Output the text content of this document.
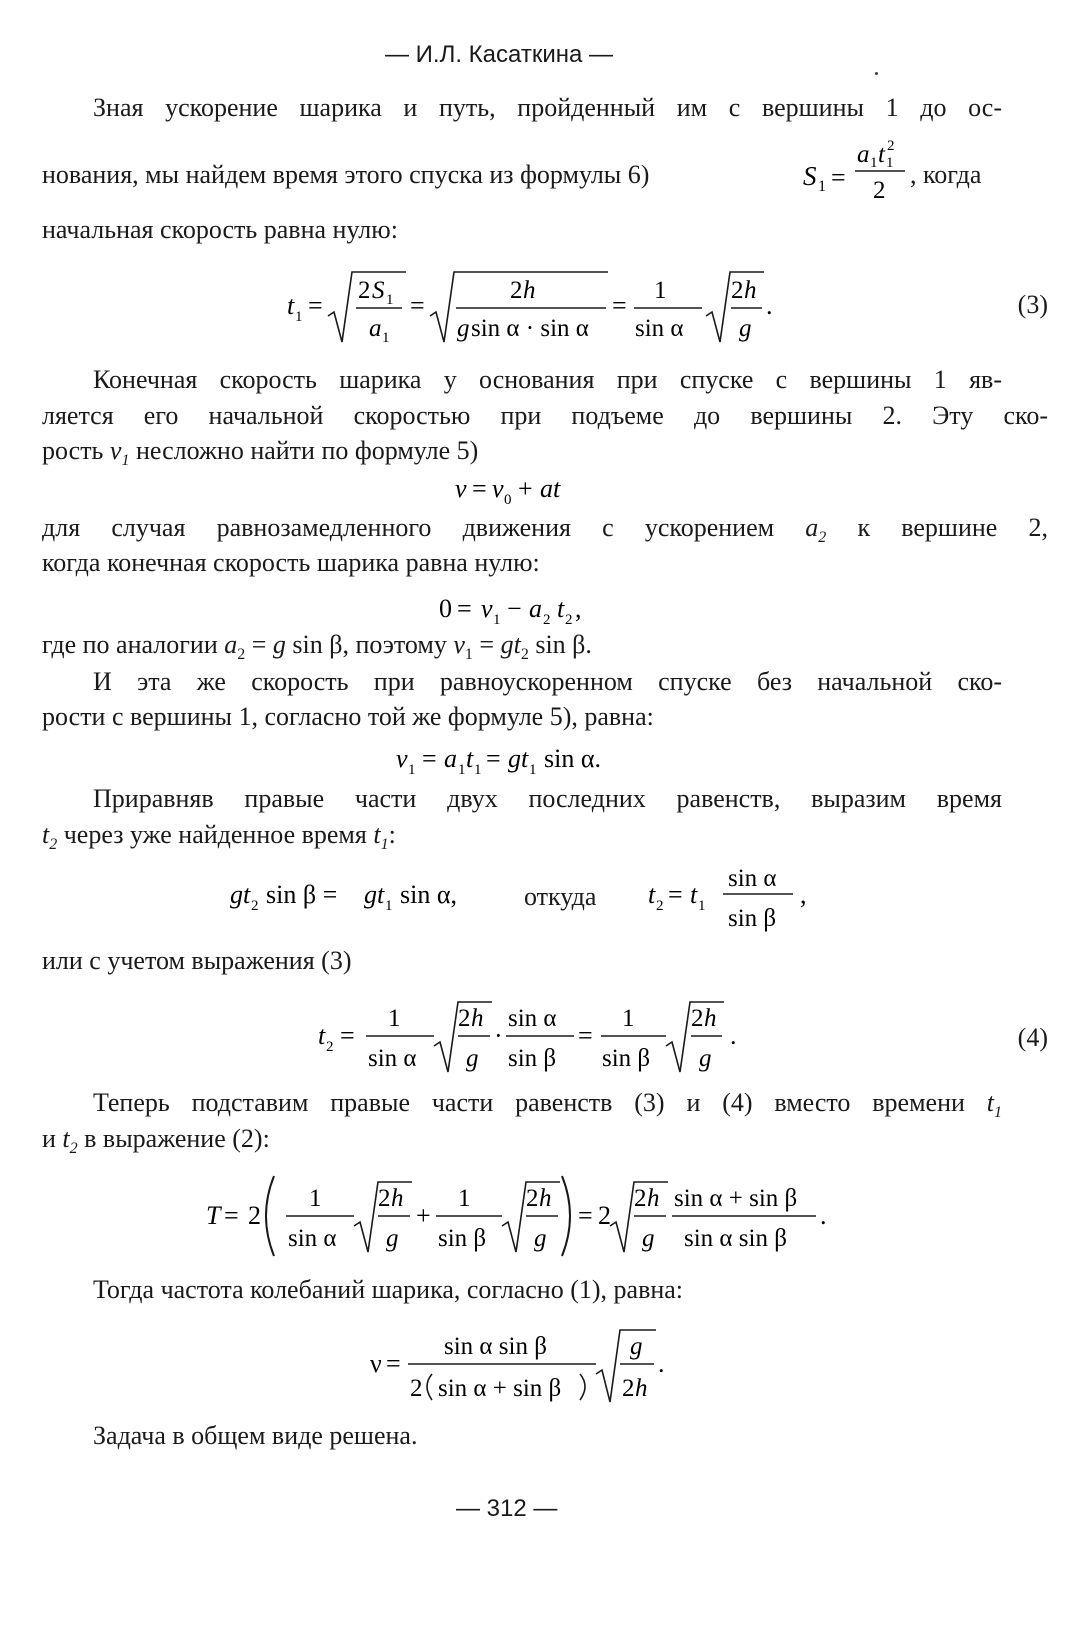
— И.Л. Касаткина —
Зная ускорение шарика и путь, пройденный им с вершины 1 до ос-
нования, мы найдем время этого спуска из формулы 6)	S 1 =
a 1 t 1
2
2
, когда
начальная скорость равна нулю:
t 1 =
2 S 1
a 1
=
2 h
g sin α · sin α
=
1
sin α
2 h
g
.	(3)
Конечная скорость шарика у основания при спуске с вершины 1 яв-
ляется его начальной скоростью при подъеме до вершины 2. Эту ско-
рость $v_1$ несложно найти по формуле 5)
v = v 0 + at
для случая равнозамедленного движения с ускорением $a_2$ к вершине 2,
когда конечная скорость шарика равна нулю:
0 = v 1 − a 2 t 2 ,
где по аналогии $a_2 = g$ sin β, поэтому $v_1 = gt_2$ sin β.
И эта же скорость при равноускоренном спуске без начальной ско-
рости с вершины 1, согласно той же формуле 5), равна:
v 1 = a 1 t 1 = gt 1 sin α.
Приравняв правые части двух последних равенств, выразим время
$t_2$ через уже найденное время $t_1$:
gt 2 sin β = gt 1 sin α,	t 2 = t 1
sin α
sin β
,
откуда
или с учетом выражения (3)
t 2 =
1
sin α
2 h
g
·
sin α
sin β
=
1
sin β
2 h
g
.	(4)
Теперь подставим правые части равенств (3) и (4) вместо времени $t_1$
и $t_2$ в выражение (2):
T = 2
1
sin α
2 h
g
+
1
sin β
2 h
g
= 2
2 h
g
sin α + sin β
sin α sin β
.
Тогда частота колебаний шарика, согласно (1), равна:
ν =
sin α sin β
2 sin α + sin β
g
2 h
.
Задача в общем виде решена.
— 312 —
